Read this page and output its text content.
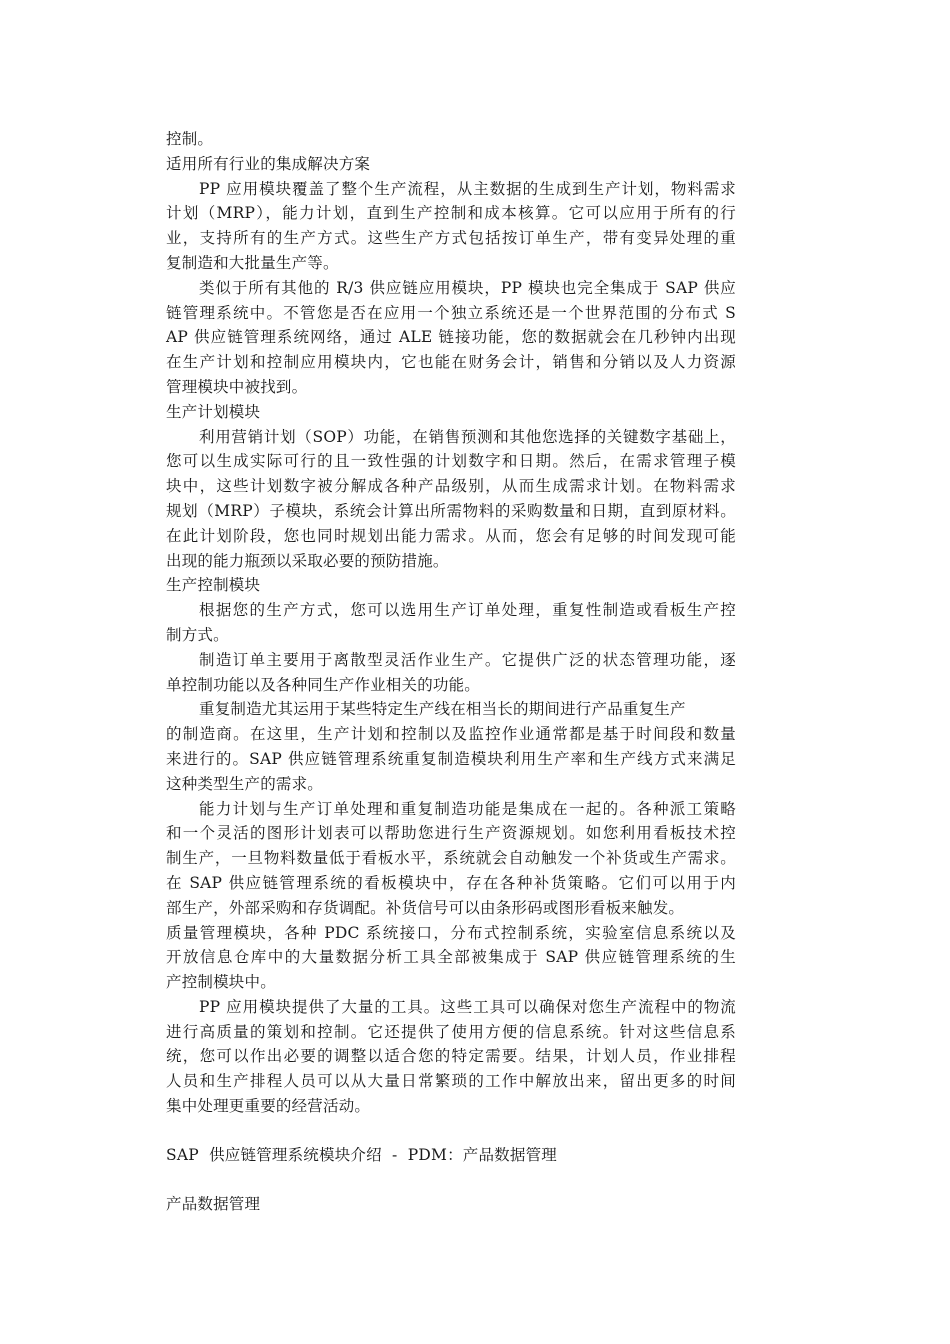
控制。
适用所有行业的集成解决方案
PP 应用模块覆盖了整个生产流程，从主数据的生成到生产计划，物料需求
计划（MRP），能力计划，直到生产控制和成本核算。它可以应用于所有的行
业，支持所有的生产方式。这些生产方式包括按订单生产，带有变异处理的重
复制造和大批量生产等。
类似于所有其他的 R/3 供应链应用模块，PP 模块也完全集成于 SAP 供应
链管理系统中。不管您是否在应用一个独立系统还是一个世界范围的分布式 S
AP 供应链管理系统网络，通过 ALE 链接功能，您的数据就会在几秒钟内出现
在生产计划和控制应用模块内，它也能在财务会计，销售和分销以及人力资源
管理模块中被找到。
生产计划模块
利用营销计划（SOP）功能，在销售预测和其他您选择的关键数字基础上，
您可以生成实际可行的且一致性强的计划数字和日期。然后，在需求管理子模
块中，这些计划数字被分解成各种产品级别，从而生成需求计划。在物料需求
规划（MRP）子模块，系统会计算出所需物料的采购数量和日期，直到原材料。
在此计划阶段，您也同时规划出能力需求。从而，您会有足够的时间发现可能
出现的能力瓶颈以采取必要的预防措施。
生产控制模块
根据您的生产方式，您可以选用生产订单处理，重复性制造或看板生产控
制方式。
制造订单主要用于离散型灵活作业生产。它提供广泛的状态管理功能，逐
单控制功能以及各种同生产作业相关的功能。
重复制造尤其运用于某些特定生产线在相当长的期间进行产品重复生产
的制造商。在这里，生产计划和控制以及监控作业通常都是基于时间段和数量
来进行的。SAP 供应链管理系统重复制造模块利用生产率和生产线方式来满足
这种类型生产的需求。
能力计划与生产订单处理和重复制造功能是集成在一起的。各种派工策略
和一个灵活的图形计划表可以帮助您进行生产资源规划。如您利用看板技术控
制生产，一旦物料数量低于看板水平，系统就会自动触发一个补货或生产需求。
在 SAP 供应链管理系统的看板模块中，存在各种补货策略。它们可以用于内
部生产，外部采购和存货调配。补货信号可以由条形码或图形看板来触发。
质量管理模块，各种 PDC 系统接口，分布式控制系统，实验室信息系统以及
开放信息仓库中的大量数据分析工具全部被集成于 SAP 供应链管理系统的生
产控制模块中。
PP 应用模块提供了大量的工具。这些工具可以确保对您生产流程中的物流
进行高质量的策划和控制。它还提供了使用方便的信息系统。针对这些信息系
统，您可以作出必要的调整以适合您的特定需要。结果，计划人员，作业排程
人员和生产排程人员可以从大量日常繁琐的工作中解放出来，留出更多的时间
集中处理更重要的经营活动。
SAP  供应链管理系统模块介绍  -  PDM：产品数据管理
产品数据管理
